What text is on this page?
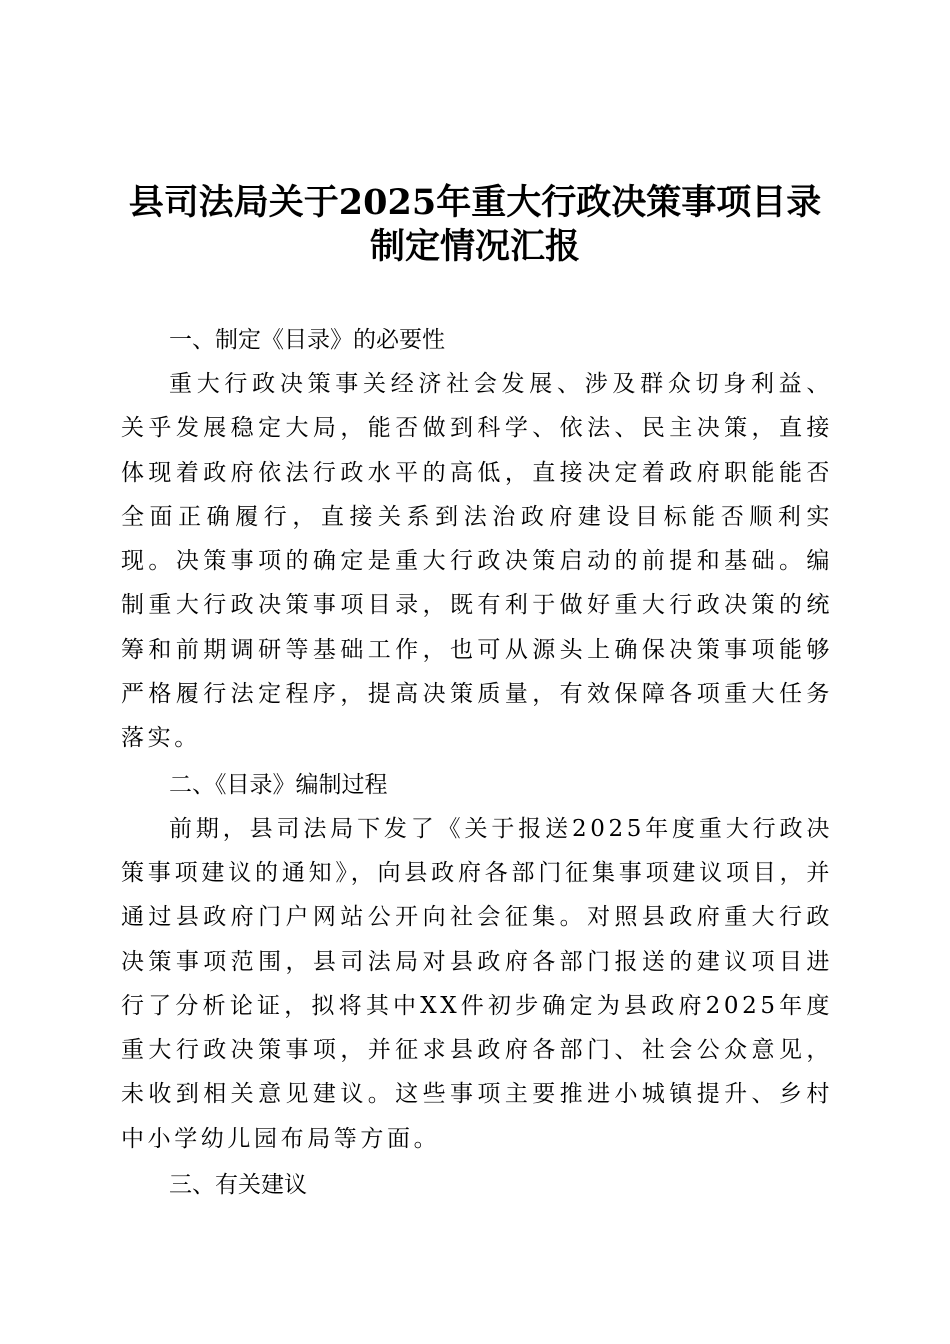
县司法局关于2025年重大行政决策事项目录
制定情况汇报
一、制定《目录》的必要性

重大行政决策事关经济社会发展、涉及群众切身利益、关乎发展稳定大局，能否做到科学、依法、民主决策，直接体现着政府依法行政水平的高低，直接决定着政府职能能否全面正确履行，直接关系到法治政府建设目标能否顺利实现。决策事项的确定是重大行政决策启动的前提和基础。编制重大行政决策事项目录，既有利于做好重大行政决策的统筹和前期调研等基础工作，也可从源头上确保决策事项能够严格履行法定程序，提高决策质量，有效保障各项重大任务落实。

二、《目录》编制过程

前期，县司法局下发了《关于报送2025年度重大行政决策事项建议的通知》，向县政府各部门征集事项建议项目，并通过县政府门户网站公开向社会征集。对照县政府重大行政决策事项范围，县司法局对县政府各部门报送的建议项目进行了分析论证，拟将其中XX件初步确定为县政府2025年度重大行政决策事项，并征求县政府各部门、社会公众意见，未收到相关意见建议。这些事项主要推进小城镇提升、乡村中小学幼儿园布局等方面。

三、有关建议
